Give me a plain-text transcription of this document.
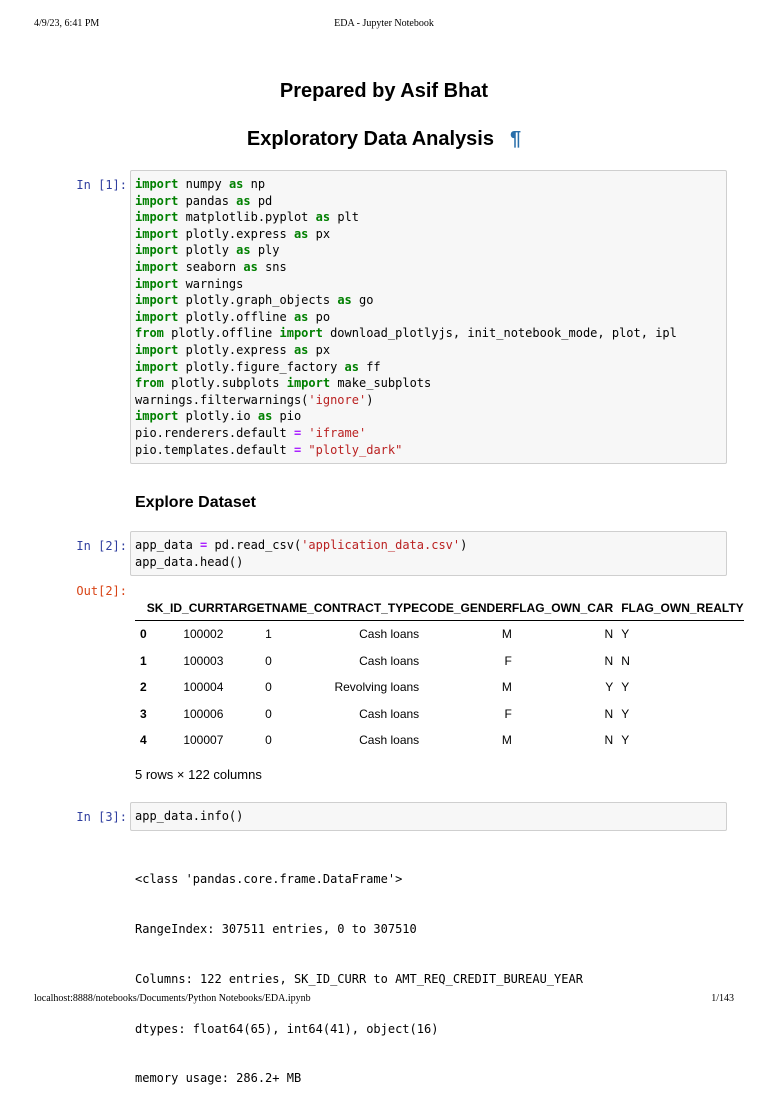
4/9/23, 6:41 PM	EDA - Jupyter Notebook
Prepared by Asif Bhat
Exploratory Data Analysis ¶
In [1]: import numpy as np
import pandas as pd
import matplotlib.pyplot as plt
import plotly.express as px
import plotly as ply
import seaborn as sns
import warnings
import plotly.graph_objects as go
import plotly.offline as po
from plotly.offline import download_plotlyjs, init_notebook_mode, plot, ipl
import plotly.express as px
import plotly.figure_factory as ff
from plotly.subplots import make_subplots
warnings.filterwarnings('ignore')
import plotly.io as pio
pio.renderers.default = 'iframe'
pio.templates.default = "plotly_dark"
Explore Dataset
In [2]: app_data = pd.read_csv('application_data.csv')
app_data.head()
Out[2]:
	SK_ID_CURR	TARGET	NAME_CONTRACT_TYPE	CODE_GENDER	FLAG_OWN_CAR	FLAG_OWN_REALTY
0	100002	1	Cash loans	M	N	Y
1	100003	0	Cash loans	F	N	N
2	100004	0	Revolving loans	M	Y	Y
3	100006	0	Cash loans	F	N	Y
4	100007	0	Cash loans	M	N	Y
5 rows × 122 columns
In [3]: app_data.info()

<class 'pandas.core.frame.DataFrame'>

RangeIndex: 307511 entries, 0 to 307510

Columns: 122 entries, SK_ID_CURR to AMT_REQ_CREDIT_BUREAU_YEAR

dtypes: float64(65), int64(41), object(16)

memory usage: 286.2+ MB

localhost:8888/notebooks/Documents/Python Notebooks/EDA.ipynb	1/143
